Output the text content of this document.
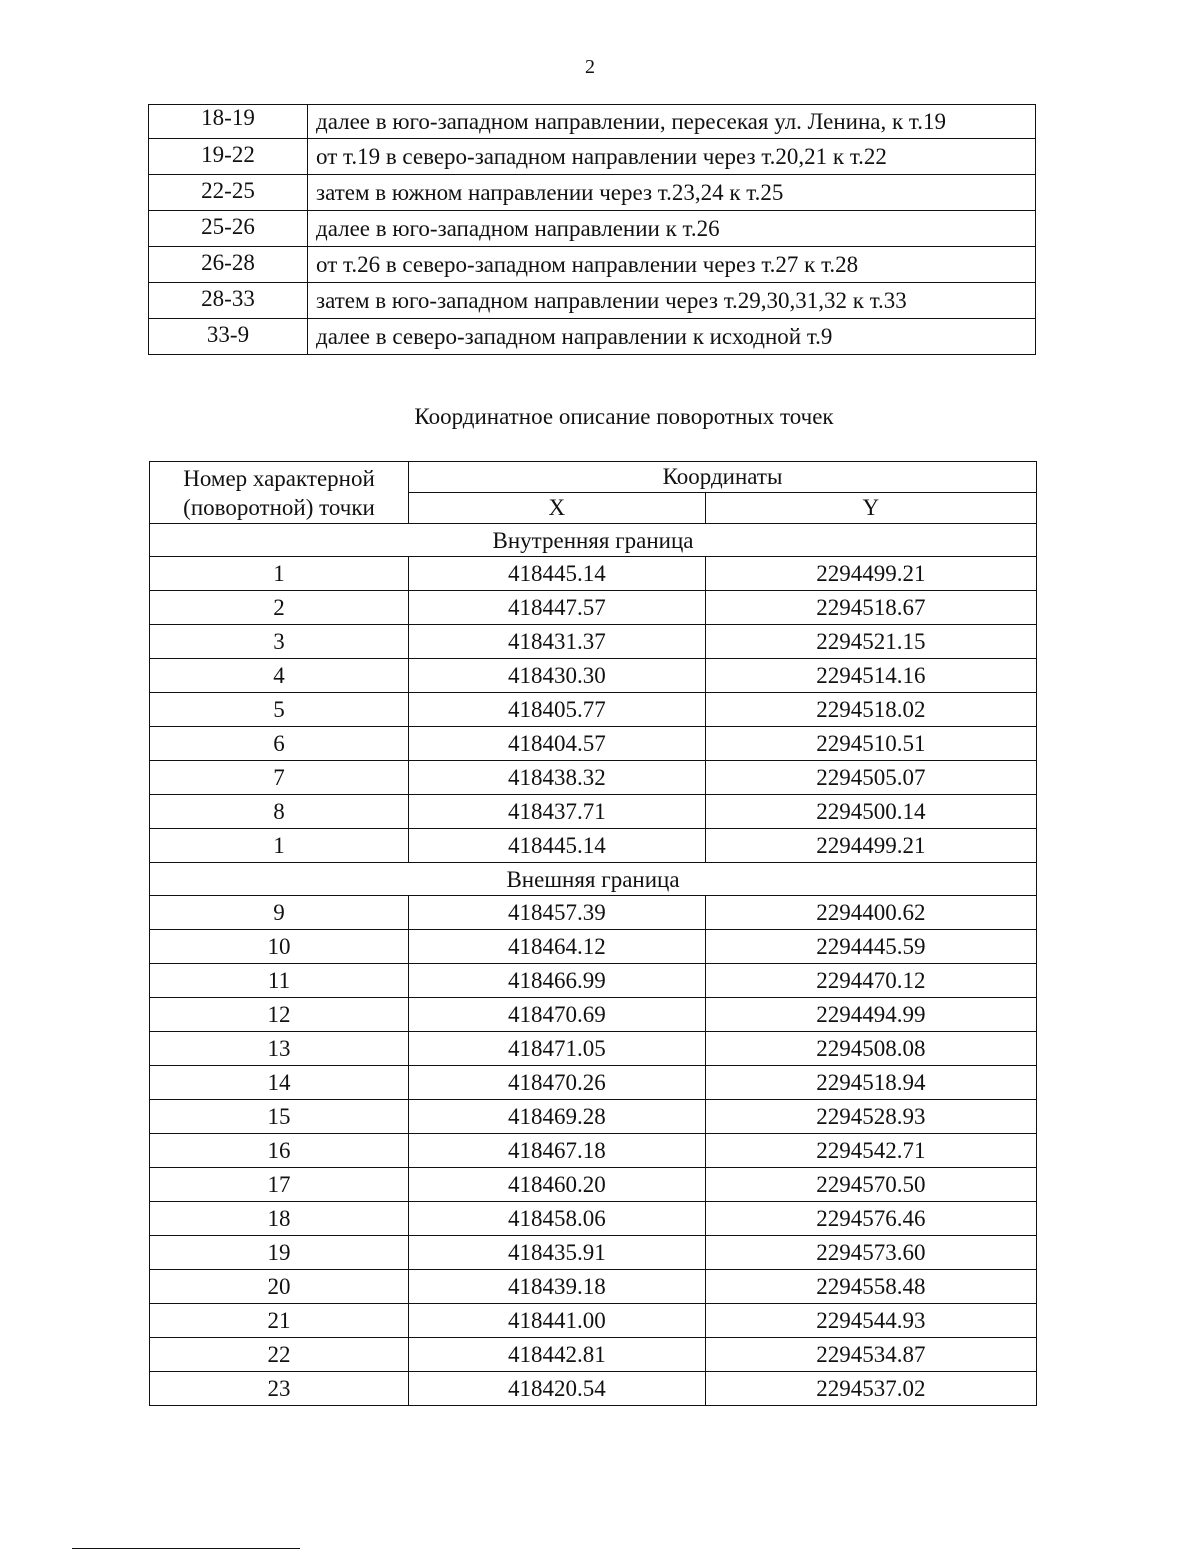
2
18-19	далее в юго-западном направлении, пересекая ул. Ленина, к т.19
19-22	от т.19 в северо-западном направлении через т.20,21 к т.22
22-25	затем в южном направлении через т.23,24 к т.25
25-26	далее в юго-западном направлении к т.26
26-28	от т.26 в северо-западном направлении через т.27 к т.28
28-33	затем в юго-западном направлении через т.29,30,31,32 к т.33
33-9	далее в северо-западном направлении к исходной т.9
Координатное описание поворотных точек
Номер характерной (поворотной) точки	Координаты	
	X	Y
Внутренняя граница		
1	418445.14	2294499.21
2	418447.57	2294518.67
3	418431.37	2294521.15
4	418430.30	2294514.16
5	418405.77	2294518.02
6	418404.57	2294510.51
7	418438.32	2294505.07
8	418437.71	2294500.14
1	418445.14	2294499.21
Внешняя граница		
9	418457.39	2294400.62
10	418464.12	2294445.59
11	418466.99	2294470.12
12	418470.69	2294494.99
13	418471.05	2294508.08
14	418470.26	2294518.94
15	418469.28	2294528.93
16	418467.18	2294542.71
17	418460.20	2294570.50
18	418458.06	2294576.46
19	418435.91	2294573.60
20	418439.18	2294558.48
21	418441.00	2294544.93
22	418442.81	2294534.87
23	418420.54	2294537.02
